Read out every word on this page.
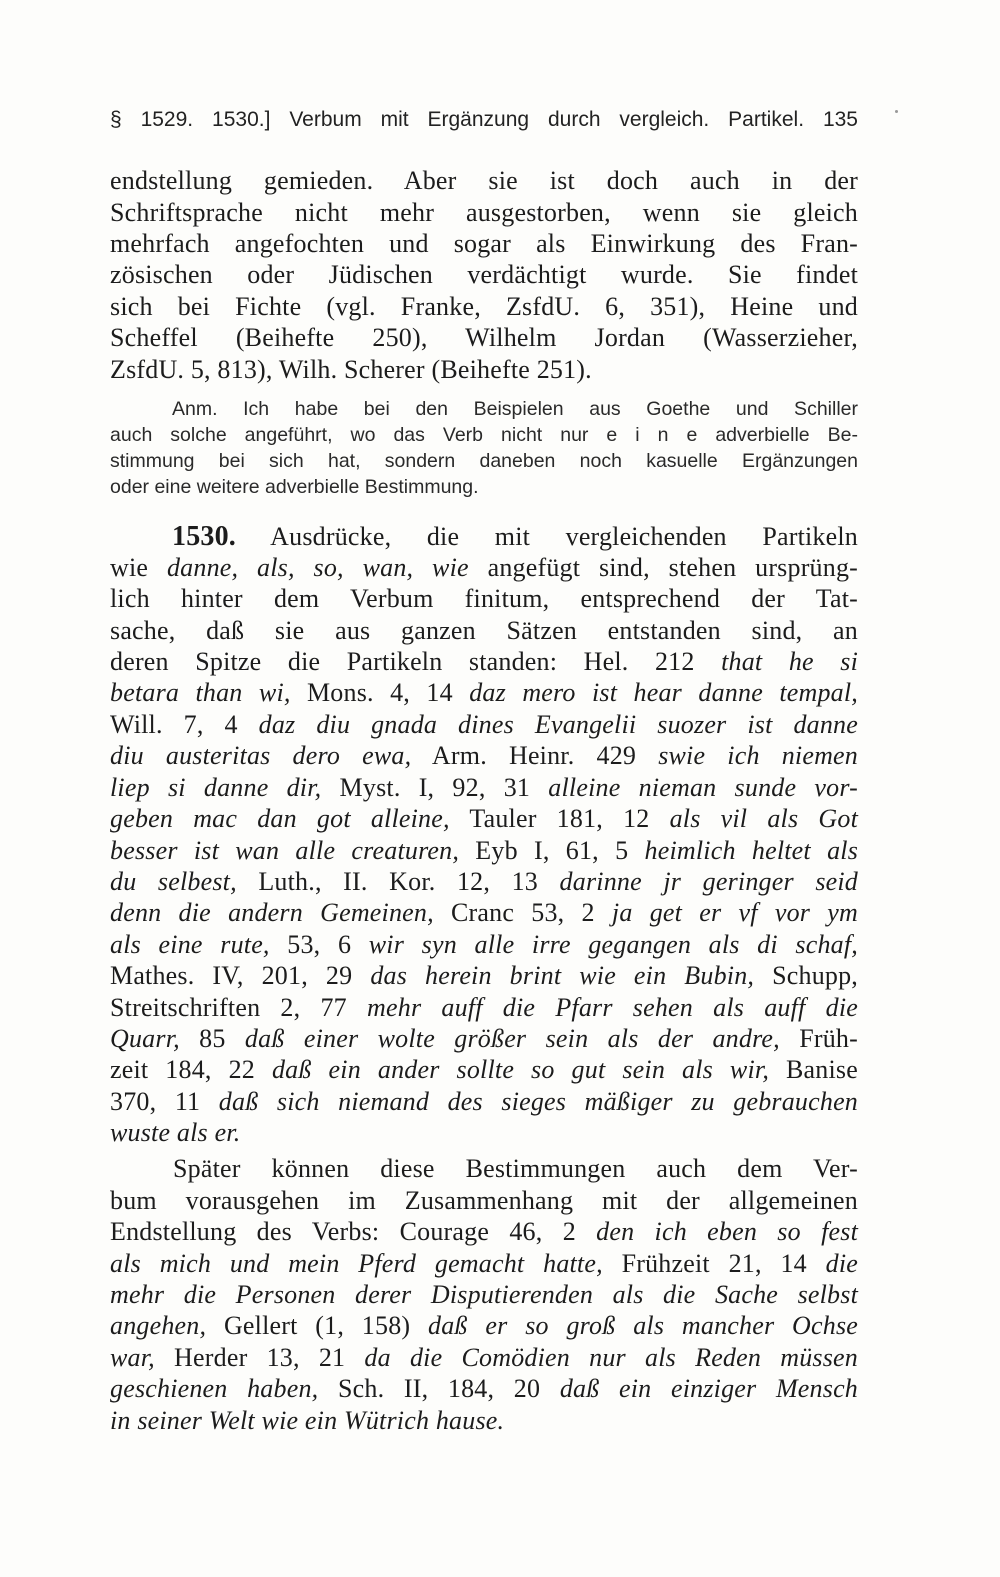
§ 1529. 1530.] Verbum mit Ergänzung durch vergleich. Partikel. 135
endstellung gemieden. Aber sie ist doch auch in der
Schriftsprache nicht mehr ausgestorben, wenn sie gleich
mehrfach angefochten und sogar als Einwirkung des Fran-
zösischen oder Jüdischen verdächtigt wurde. Sie findet
sich bei Fichte (vgl. Franke, ZsfdU. 6, 351), Heine und
Scheffel (Beihefte 250), Wilhelm Jordan (Wasserzieher,
ZsfdU. 5, 813), Wilh. Scherer (Beihefte 251).
Anm. Ich habe bei den Beispielen aus Goethe und Schiller
auch solche angeführt, wo das Verb nicht nur e i n e adverbielle Be-
stimmung bei sich hat, sondern daneben noch kasuelle Ergänzungen
oder eine weitere adverbielle Bestimmung.
1530. Ausdrücke, die mit vergleichenden Partikeln
wie danne, als, so, wan, wie angefügt sind, stehen ursprüng-
lich hinter dem Verbum finitum, entsprechend der Tat-
sache, daß sie aus ganzen Sätzen entstanden sind, an
deren Spitze die Partikeln standen: Hel. 212 that he si
betara than wi, Mons. 4, 14 daz mero ist hear danne tempal,
Will. 7, 4 daz diu gnada dines Evangelii suozer ist danne
diu austeritas dero ewa, Arm. Heinr. 429 swie ich niemen
liep si danne dir, Myst. I, 92, 31 alleine nieman sunde vor-
geben mac dan got alleine, Tauler 181, 12 als vil als Got
besser ist wan alle creaturen, Eyb I, 61, 5 heimlich heltet als
du selbest, Luth., II. Kor. 12, 13 darinne jr geringer seid
denn die andern Gemeinen, Cranc 53, 2 ja get er vf vor ym
als eine rute, 53, 6 wir syn alle irre gegangen als di schaf,
Mathes. IV, 201, 29 das herein brint wie ein Bubin, Schupp,
Streitschriften 2, 77 mehr auff die Pfarr sehen als auff die
Quarr, 85 daß einer wolte größer sein als der andre, Früh-
zeit 184, 22 daß ein ander sollte so gut sein als wir, Banise
370, 11 daß sich niemand des sieges mäßiger zu gebrauchen
wuste als er.
Später können diese Bestimmungen auch dem Ver-
bum vorausgehen im Zusammenhang mit der allgemeinen
Endstellung des Verbs: Courage 46, 2 den ich eben so fest
als mich und mein Pferd gemacht hatte, Frühzeit 21, 14 die
mehr die Personen derer Disputierenden als die Sache selbst
angehen, Gellert (1, 158) daß er so groß als mancher Ochse
war, Herder 13, 21 da die Comödien nur als Reden müssen
geschienen haben, Sch. II, 184, 20 daß ein einziger Mensch
in seiner Welt wie ein Wütrich hause.
